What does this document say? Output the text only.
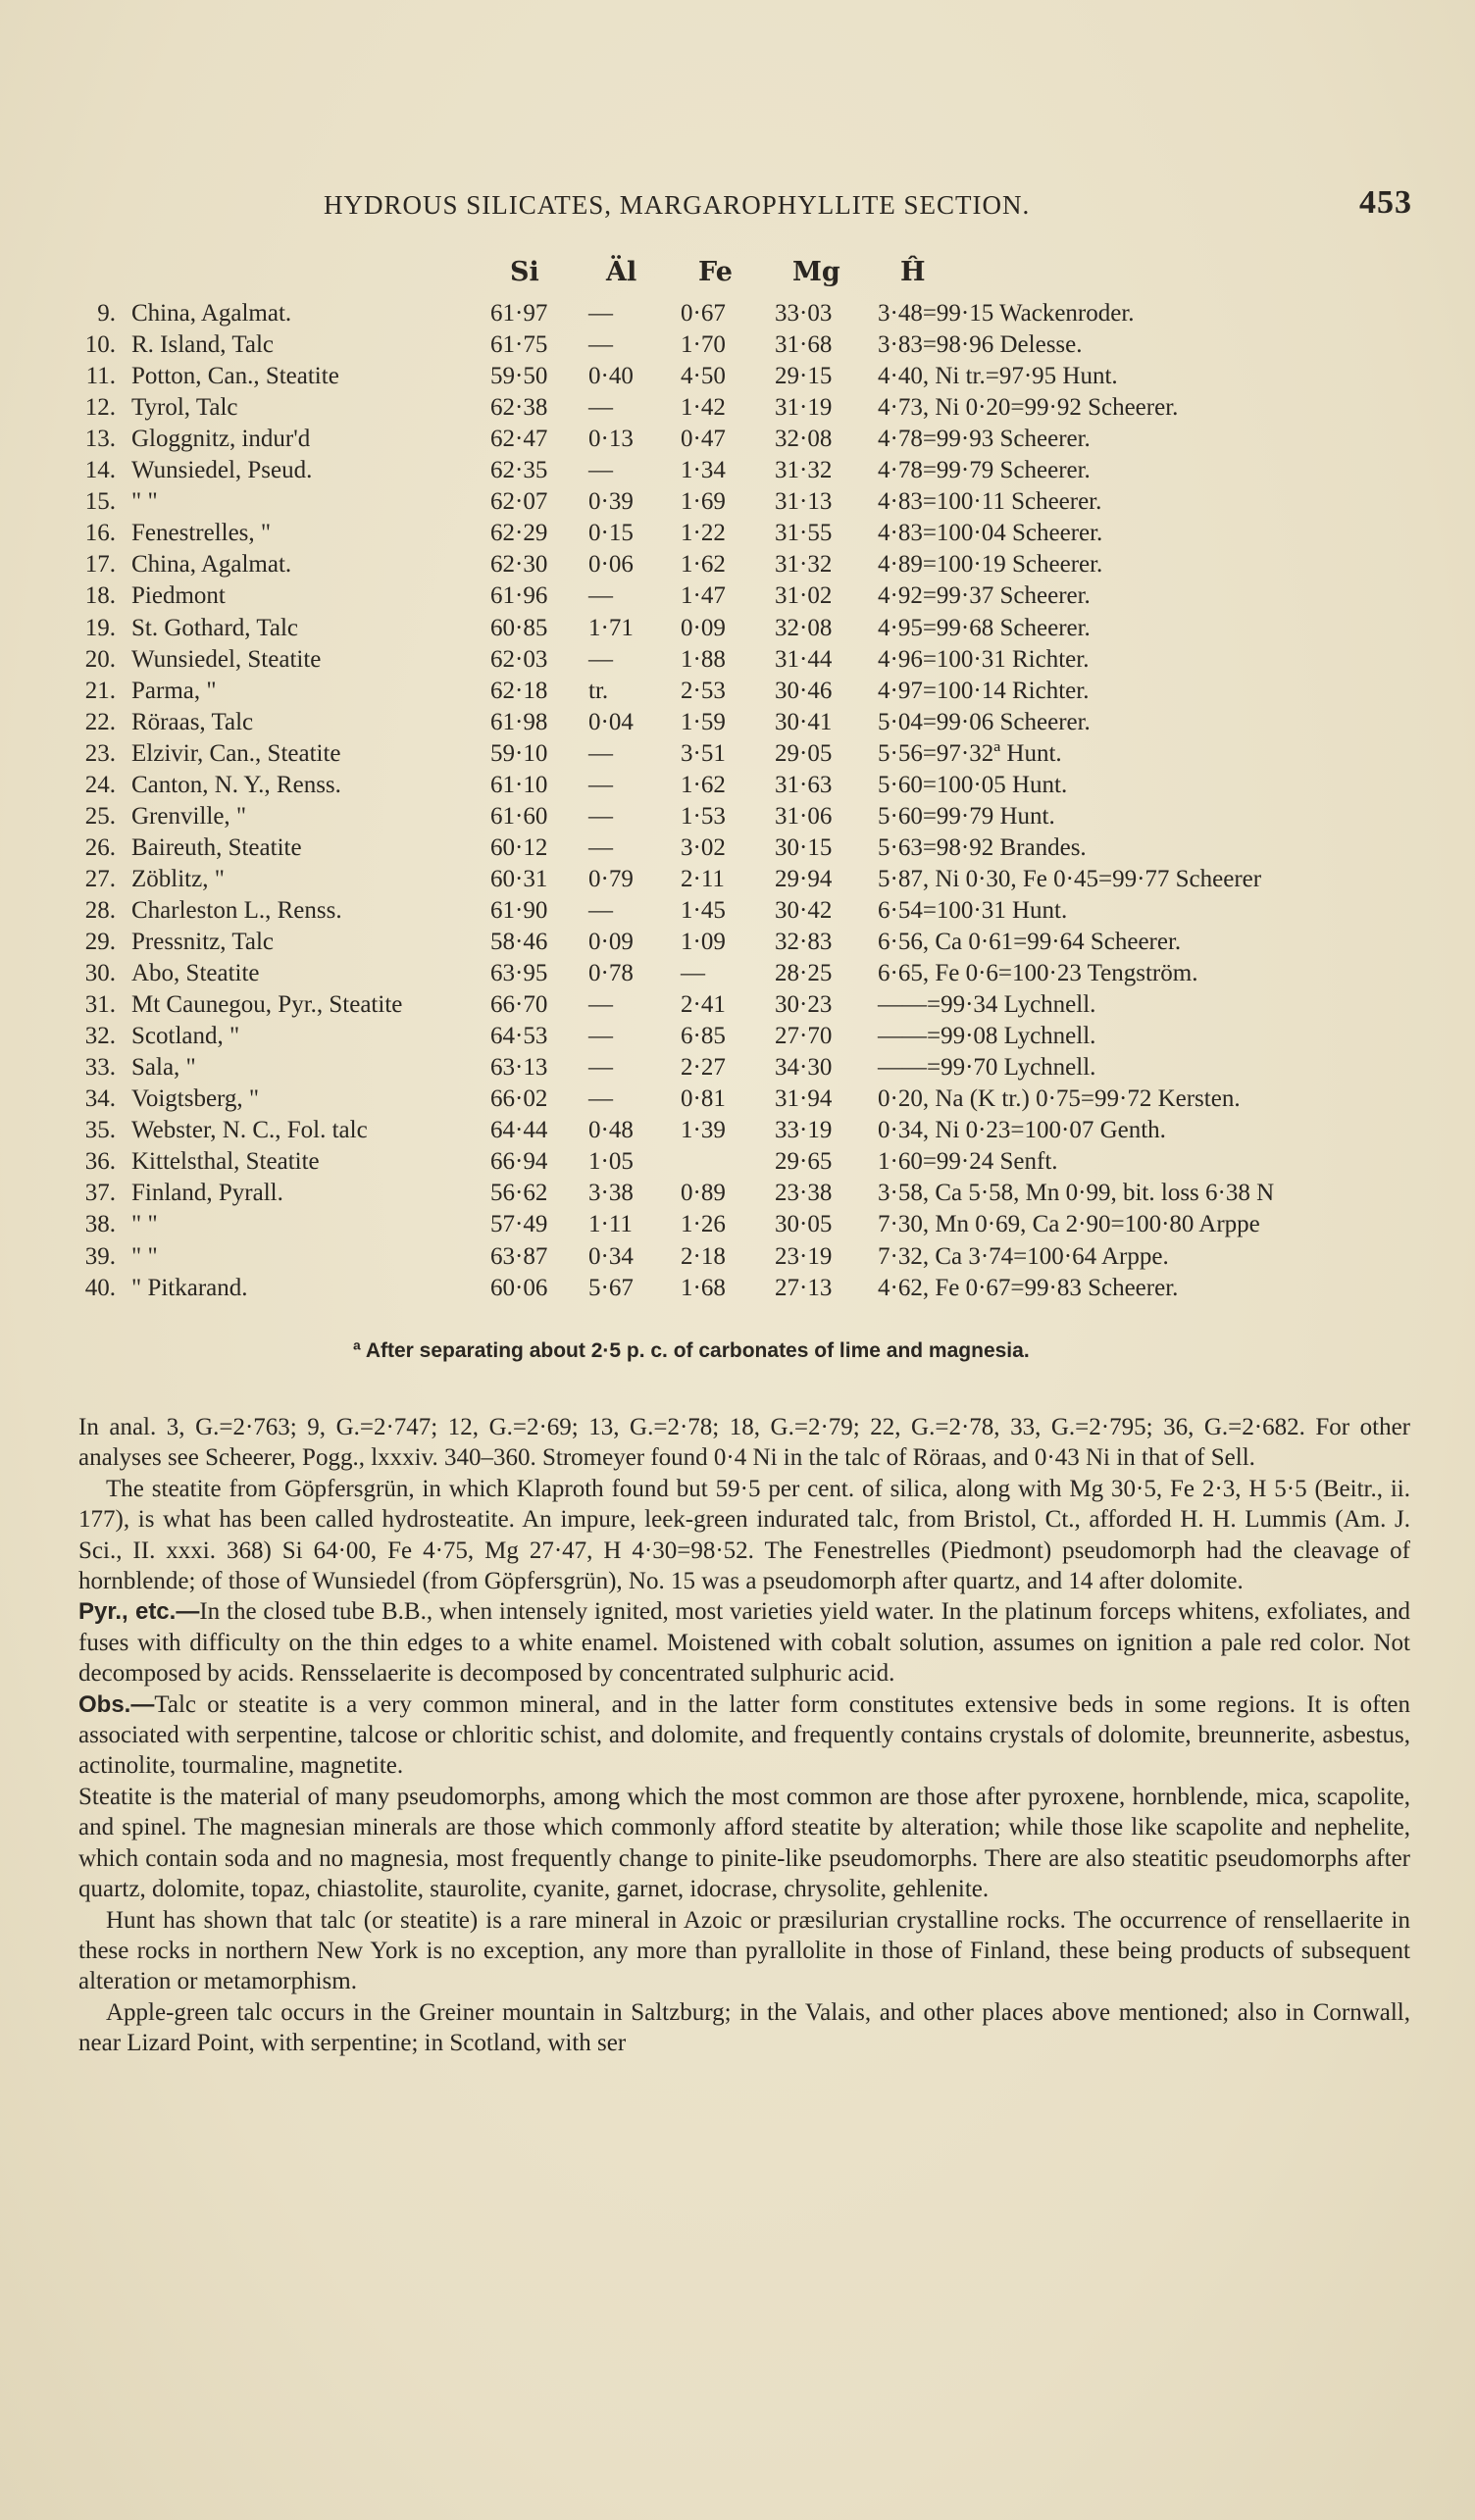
HYDROUS SILICATES, MARGAROPHYLLITE SECTION.	453
Si	Äl Fe Mg Ĥ
9. China, Agalmat.	61·97 —	0·67 33·03 3·48=99·15 Wackenroder.
10. R. Island, Talc	61·75 —	1·70 31·68 3·83=98·96 Delesse.
11. Potton, Can., Steatite	59·50 0·40 4·50 29·15 4·40, Ni tr.=97·95 Hunt.
12. Tyrol, Talc	62·38 —	1·42 31·19 4·73, Ni 0·20=99·92 Scheerer.
13. Gloggnitz, indur'd	62·47 0·13 0·47 32·08 4·78=99·93 Scheerer.
14. Wunsiedel, Pseud.	62·35 —	1·34 31·32 4·78=99·79 Scheerer.
15. " "	62·07 0·39 1·69 31·13 4·83=100·11 Scheerer.
16. Fenestrelles, "	62·29 0·15 1·22 31·55 4·83=100·04 Scheerer.
17. China, Agalmat.	62·30 0·06 1·62 31·32 4·89=100·19 Scheerer.
18. Piedmont	61·96 —	1·47 31·02 4·92=99·37 Scheerer.
19. St. Gothard, Talc	60·85 1·71 0·09 32·08 4·95=99·68 Scheerer.
20. Wunsiedel, Steatite	62·03 —	1·88 31·44 4·96=100·31 Richter.
21. Parma, "	62·18 tr.	2·53 30·46 4·97=100·14 Richter.
22. Röraas, Talc	61·98 0·04 1·59 30·41 5·04=99·06 Scheerer.
23. Elzivir, Can., Steatite	59·10 —	3·51 29·05 5·56=97·32ª Hunt.
24. Canton, N. Y., Renss.	61·10 —	1·62 31·63 5·60=100·05 Hunt.
25. Grenville, "	61·60 —	1·53 31·06 5·60=99·79 Hunt.
26. Baireuth, Steatite	60·12 —	3·02 30·15 5·63=98·92 Brandes.
27. Zöblitz, "	60·31 0·79 2·11 29·94 5·87, Ni 0·30, Fe 0·45=99·77 Scheerer
28. Charleston L., Renss.	61·90 —	1·45 30·42 6·54=100·31 Hunt.
29. Pressnitz, Talc	58·46 0·09 1·09 32·83 6·56, Ca 0·61=99·64 Scheerer.
30. Abo, Steatite	63·95 0·78 —	28·25 6·65, Fe 0·6=100·23 Tengström.
31. Mt Caunegou, Pyr., Steatite	66·70 —	2·41 30·23 ——=99·34 Lychnell.
32. Scotland, "	64·53 —	6·85 27·70 ——=99·08 Lychnell.
33. Sala, "	63·13 —	2·27 34·30 ——=99·70 Lychnell.
34. Voigtsberg, "	66·02 —	0·81 31·94 0·20, Na (K tr.) 0·75=99·72 Kersten.
35. Webster, N. C., Fol. talc	64·44 0·48 1·39 33·19 0·34, Ni 0·23=100·07 Genth.
36. Kittelsthal, Steatite	66·94 1·05	29·65 1·60=99·24 Senft.
37. Finland, Pyrall.	56·62 3·38 0·89 23·38 3·58, Ca 5·58, Mn 0·99, bit. loss 6·38 N
38. " "	57·49 1·11 1·26 30·05 7·30, Mn 0·69, Ca 2·90=100·80 Arppe
39. " "	63·87 0·34 2·18 23·19 7·32, Ca 3·74=100·64 Arppe.
40. " Pitkarand.	60·06 5·67 1·68 27·13 4·62, Fe 0·67=99·83 Scheerer.
ª After separating about 2·5 p. c. of carbonates of lime and magnesia.

In anal. 3, G.=2·763; 9, G.=2·747; 12, G.=2·69; 13, G.=2·78; 18, G.=2·79; 22, G.=2·78, 33, G.=2·795; 36, G.=2·682. For other analyses see Scheerer, Pogg., lxxxiv. 340–360. Stromeyer found 0·4 Ni in the talc of Röraas, and 0·43 Ni in that of Sell.

The steatite from Göpfersgrün, in which Klaproth found but 59·5 per cent. of silica, along with Mg 30·5, Fe 2·3, H 5·5 (Beitr., ii. 177), is what has been called hydrosteatite. An impure, leek-green indurated talc, from Bristol, Ct., afforded H. H. Lummis (Am. J. Sci., II. xxxi. 368) Si 64·00, Fe 4·75, Mg 27·47, H 4·30=98·52. The Fenestrelles (Piedmont) pseudomorph had the cleavage of hornblende; of those of Wunsiedel (from Göpfersgrün), No. 15 was a pseudomorph after quartz, and 14 after dolomite.

Pyr., etc.—In the closed tube B.B., when intensely ignited, most varieties yield water. In the platinum forceps whitens, exfoliates, and fuses with difficulty on the thin edges to a white enamel. Moistened with cobalt solution, assumes on ignition a pale red color. Not decomposed by acids. Rensselaerite is decomposed by concentrated sulphuric acid.

Obs.—Talc or steatite is a very common mineral, and in the latter form constitutes extensive beds in some regions. It is often associated with serpentine, talcose or chloritic schist, and dolomite, and frequently contains crystals of dolomite, breunnerite, asbestus, actinolite, tourmaline, magnetite.

Steatite is the material of many pseudomorphs, among which the most common are those after pyroxene, hornblende, mica, scapolite, and spinel. The magnesian minerals are those which commonly afford steatite by alteration; while those like scapolite and nephelite, which contain soda and no magnesia, most frequently change to pinite-like pseudomorphs. There are also steatitic pseudomorphs after quartz, dolomite, topaz, chiastolite, staurolite, cyanite, garnet, idocrase, chrysolite, gehlenite.

Hunt has shown that talc (or steatite) is a rare mineral in Azoic or præsilurian crystalline rocks. The occurrence of rensellaerite in these rocks in northern New York is no exception, any more than pyrallolite in those of Finland, these being products of subsequent alteration or metamorphism.

Apple-green talc occurs in the Greiner mountain in Saltzburg; in the Valais, and other places above mentioned; also in Cornwall, near Lizard Point, with serpentine; in Scotland, with ser
